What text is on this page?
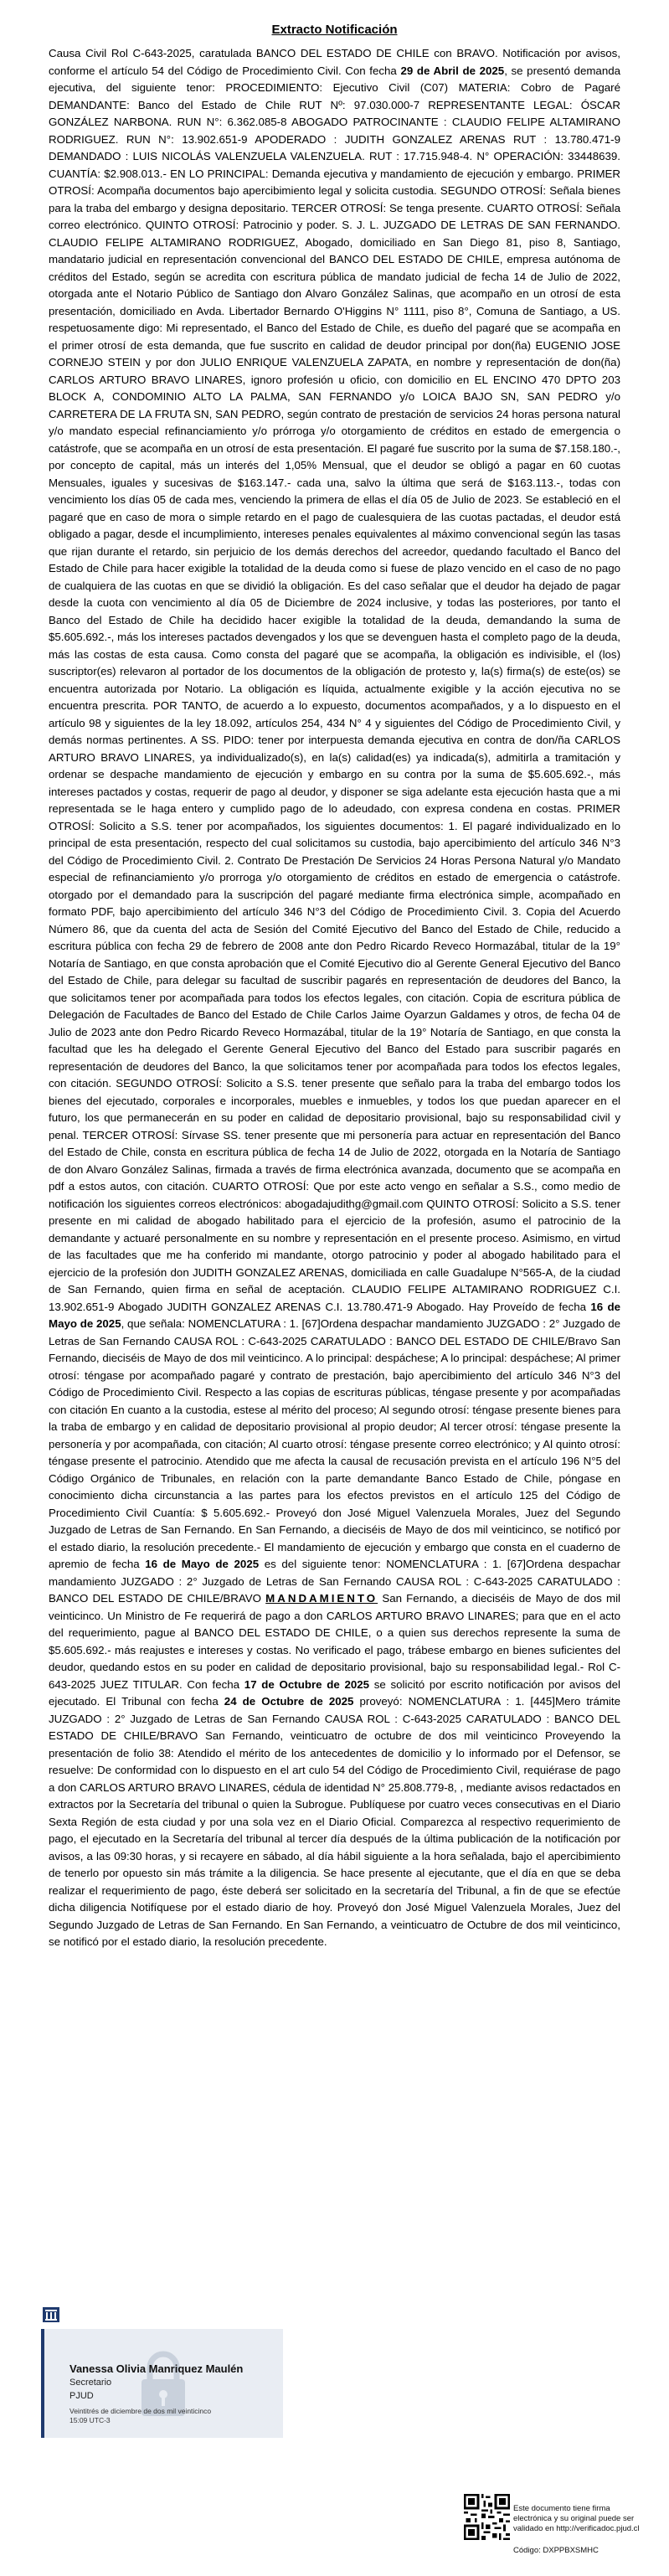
Extracto Notificación
Causa Civil Rol C-643-2025, caratulada BANCO DEL ESTADO DE CHILE con BRAVO. Notificación por avisos, conforme el artículo 54 del Código de Procedimiento Civil. Con fecha 29 de Abril de 2025, se presentó demanda ejecutiva, del siguiente tenor: PROCEDIMIENTO: Ejecutivo Civil (C07) MATERIA: Cobro de Pagaré DEMANDANTE: Banco del Estado de Chile RUT Nº: 97.030.000-7 REPRESENTANTE LEGAL: ÓSCAR GONZÁLEZ NARBONA. RUN N°: 6.362.085-8 ABOGADO PATROCINANTE : CLAUDIO FELIPE ALTAMIRANO RODRIGUEZ. RUN N°: 13.902.651-9 APODERADO : JUDITH GONZALEZ ARENAS RUT : 13.780.471-9 DEMANDADO : LUIS NICOLÁS VALENZUELA VALENZUELA. RUT : 17.715.948-4. N° OPERACIÓN: 33448639. CUANTÍA: $2.908.013.- EN LO PRINCIPAL: Demanda ejecutiva y mandamiento de ejecución y embargo. PRIMER OTROSÍ: Acompaña documentos bajo apercibimiento legal y solicita custodia. SEGUNDO OTROSÍ: Señala bienes para la traba del embargo y designa depositario. TERCER OTROSÍ: Se tenga presente. CUARTO OTROSÍ: Señala correo electrónico. QUINTO OTROSÍ: Patrocinio y poder. S. J. L. JUZGADO DE LETRAS DE SAN FERNANDO. CLAUDIO FELIPE ALTAMIRANO RODRIGUEZ, Abogado, domiciliado en San Diego 81, piso 8, Santiago, mandatario judicial en representación convencional del BANCO DEL ESTADO DE CHILE, empresa autónoma de créditos del Estado, según se acredita con escritura pública de mandato judicial de fecha 14 de Julio de 2022, otorgada ante el Notario Público de Santiago don Alvaro González Salinas, que acompaño en un otrosí de esta presentación, domiciliado en Avda. Libertador Bernardo O'Higgins N° 1111, piso 8°, Comuna de Santiago, a US. respetuosamente digo: Mi representado, el Banco del Estado de Chile, es dueño del pagaré que se acompaña en el primer otrosí de esta demanda, que fue suscrito en calidad de deudor principal por don(ña) EUGENIO JOSE CORNEJO STEIN y por don JULIO ENRIQUE VALENZUELA ZAPATA, en nombre y representación de don(ña) CARLOS ARTURO BRAVO LINARES, ignoro profesión u oficio, con domicilio en EL ENCINO 470 DPTO 203 BLOCK A, CONDOMINIO ALTO LA PALMA, SAN FERNANDO y/o LOICA BAJO SN, SAN PEDRO y/o CARRETERA DE LA FRUTA SN, SAN PEDRO, según contrato de prestación de servicios 24 horas persona natural y/o mandato especial refinanciamiento y/o prórroga y/o otorgamiento de créditos en estado de emergencia o catástrofe, que se acompaña en un otrosí de esta presentación. El pagaré fue suscrito por la suma de $7.158.180.-, por concepto de capital, más un interés del 1,05% Mensual, que el deudor se obligó a pagar en 60 cuotas Mensuales, iguales y sucesivas de $163.147.- cada una, salvo la última que será de $163.113.-, todas con vencimiento los días 05 de cada mes, venciendo la primera de ellas el día 05 de Julio de 2023. Se estableció en el pagaré que en caso de mora o simple retardo en el pago de cualesquiera de las cuotas pactadas, el deudor está obligado a pagar, desde el incumplimiento, intereses penales equivalentes al máximo convencional según las tasas que rijan durante el retardo, sin perjuicio de los demás derechos del acreedor, quedando facultado el Banco del Estado de Chile para hacer exigible la totalidad de la deuda como si fuese de plazo vencido en el caso de no pago de cualquiera de las cuotas en que se dividió la obligación. Es del caso señalar que el deudor ha dejado de pagar desde la cuota con vencimiento al día 05 de Diciembre de 2024 inclusive, y todas las posteriores, por tanto el Banco del Estado de Chile ha decidido hacer exigible la totalidad de la deuda, demandando la suma de $5.605.692.-, más los intereses pactados devengados y los que se devenguen hasta el completo pago de la deuda, más las costas de esta causa. Como consta del pagaré que se acompaña, la obligación es indivisible, el (los) suscriptor(es) relevaron al portador de los documentos de la obligación de protesto y, la(s) firma(s) de este(os) se encuentra autorizada por Notario. La obligación es líquida, actualmente exigible y la acción ejecutiva no se encuentra prescrita. POR TANTO, de acuerdo a lo expuesto, documentos acompañados, y a lo dispuesto en el artículo 98 y siguientes de la ley 18.092, artículos 254, 434 N° 4 y siguientes del Código de Procedimiento Civil, y demás normas pertinentes. A SS. PIDO: tener por interpuesta demanda ejecutiva en contra de don/ña CARLOS ARTURO BRAVO LINARES, ya individualizado(s), en la(s) calidad(es) ya indicada(s), admitirla a tramitación y ordenar se despache mandamiento de ejecución y embargo en su contra por la suma de $5.605.692.-, más intereses pactados y costas, requerir de pago al deudor, y disponer se siga adelante esta ejecución hasta que a mi representada se le haga entero y cumplido pago de lo adeudado, con expresa condena en costas. PRIMER OTROSÍ: Solicito a S.S. tener por acompañados, los siguientes documentos: 1. El pagaré individualizado en lo principal de esta presentación, respecto del cual solicitamos su custodia, bajo apercibimiento del artículo 346 N°3 del Código de Procedimiento Civil. 2. Contrato De Prestación De Servicios 24 Horas Persona Natural y/o Mandato especial de refinanciamiento y/o prorroga y/o otorgamiento de créditos en estado de emergencia o catástrofe. otorgado por el demandado para la suscripción del pagaré mediante firma electrónica simple, acompañado en formato PDF, bajo apercibimiento del artículo 346 N°3 del Código de Procedimiento Civil. 3. Copia del Acuerdo Número 86, que da cuenta del acta de Sesión del Comité Ejecutivo del Banco del Estado de Chile, reducido a escritura pública con fecha 29 de febrero de 2008 ante don Pedro Ricardo Reveco Hormazábal, titular de la 19° Notaría de Santiago, en que consta aprobación que el Comité Ejecutivo dio al Gerente General Ejecutivo del Banco del Estado de Chile, para delegar su facultad de suscribir pagarés en representación de deudores del Banco, la que solicitamos tener por acompañada para todos los efectos legales, con citación. Copia de escritura pública de Delegación de Facultades de Banco del Estado de Chile Carlos Jaime Oyarzun Galdames y otros, de fecha 04 de Julio de 2023 ante don Pedro Ricardo Reveco Hormazábal, titular de la 19° Notaría de Santiago, en que consta la facultad que les ha delegado el Gerente General Ejecutivo del Banco del Estado para suscribir pagarés en representación de deudores del Banco, la que solicitamos tener por acompañada para todos los efectos legales, con citación. SEGUNDO OTROSÍ: Solicito a S.S. tener presente que señalo para la traba del embargo todos los bienes del ejecutado, corporales e incorporales, muebles e inmuebles, y todos los que puedan aparecer en el futuro, los que permanecerán en su poder en calidad de depositario provisional, bajo su responsabilidad civil y penal. TERCER OTROSÍ: Sírvase SS. tener presente que mi personería para actuar en representación del Banco del Estado de Chile, consta en escritura pública de fecha 14 de Julio de 2022, otorgada en la Notaría de Santiago de don Alvaro González Salinas, firmada a través de firma electrónica avanzada, documento que se acompaña en pdf a estos autos, con citación. CUARTO OTROSÍ: Que por este acto vengo en señalar a S.S., como medio de notificación los siguientes correos electrónicos: abogadajudithg@gmail.com QUINTO OTROSÍ: Solicito a S.S. tener presente en mi calidad de abogado habilitado para el ejercicio de la profesión, asumo el patrocinio de la demandante y actuaré personalmente en su nombre y representación en el presente proceso. Asimismo, en virtud de las facultades que me ha conferido mi mandante, otorgo patrocinio y poder al abogado habilitado para el ejercicio de la profesión don JUDITH GONZALEZ ARENAS, domiciliada en calle Guadalupe N°565-A, de la ciudad de San Fernando, quien firma en señal de aceptación. CLAUDIO FELIPE ALTAMIRANO RODRIGUEZ C.I. 13.902.651-9 Abogado JUDITH GONZALEZ ARENAS C.I. 13.780.471-9 Abogado. Hay Proveído de fecha 16 de Mayo de 2025, que señala: NOMENCLATURA : 1. [67]Ordena despachar mandamiento JUZGADO : 2° Juzgado de Letras de San Fernando CAUSA ROL : C-643-2025 CARATULADO : BANCO DEL ESTADO DE CHILE/Bravo San Fernando, dieciséis de Mayo de dos mil veinticinco. A lo principal: despáchese; A lo principal: despáchese; Al primer otrosí: téngase por acompañado pagaré y contrato de prestación, bajo apercibimiento del artículo 346 N°3 del Código de Procedimiento Civil. Respecto a las copias de escrituras públicas, téngase presente y por acompañadas con citación En cuanto a la custodia, estese al mérito del proceso; Al segundo otrosí: téngase presente bienes para la traba de embargo y en calidad de depositario provisional al propio deudor; Al tercer otrosí: téngase presente la personería y por acompañada, con citación; Al cuarto otrosí: téngase presente correo electrónico; y Al quinto otrosí: téngase presente el patrocinio. Atendido que me afecta la causal de recusación prevista en el artículo 196 N°5 del Código Orgánico de Tribunales, en relación con la parte demandante Banco Estado de Chile, póngase en conocimiento dicha circunstancia a las partes para los efectos previstos en el artículo 125 del Código de Procedimiento Civil Cuantía: $ 5.605.692.- Proveyó don José Miguel Valenzuela Morales, Juez del Segundo Juzgado de Letras de San Fernando. En San Fernando, a dieciséis de Mayo de dos mil veinticinco, se notificó por el estado diario, la resolución precedente.- El mandamiento de ejecución y embargo que consta en el cuaderno de apremio de fecha 16 de Mayo de 2025 es del siguiente tenor: NOMENCLATURA : 1. [67]Ordena despachar mandamiento JUZGADO : 2° Juzgado de Letras de San Fernando CAUSA ROL : C-643-2025 CARATULADO : BANCO DEL ESTADO DE CHILE/BRAVO MANDAMIENTO San Fernando, a dieciséis de Mayo de dos mil veinticinco. Un Ministro de Fe requerirá de pago a don CARLOS ARTURO BRAVO LINARES; para que en el acto del requerimiento, pague al BANCO DEL ESTADO DE CHILE, o a quien sus derechos represente la suma de $5.605.692.- más reajustes e intereses y costas. No verificado el pago, trábese embargo en bienes suficientes del deudor, quedando estos en su poder en calidad de depositario provisional, bajo su responsabilidad legal.- Rol C-643-2025 JUEZ TITULAR. Con fecha 17 de Octubre de 2025 se solicitó por escrito notificación por avisos del ejecutado. El Tribunal con fecha 24 de Octubre de 2025 proveyó: NOMENCLATURA : 1. [445]Mero trámite JUZGADO : 2° Juzgado de Letras de San Fernando CAUSA ROL : C-643-2025 CARATULADO : BANCO DEL ESTADO DE CHILE/BRAVO San Fernando, veinticuatro de octubre de dos mil veinticinco Proveyendo la presentación de folio 38: Atendido el mérito de los antecedentes de domicilio y lo informado por el Defensor, se resuelve: De conformidad con lo dispuesto en el art culo 54 del Código de Procedimiento Civil, requiérase de pago a don CARLOS ARTURO BRAVO LINARES, cédula de identidad N° 25.808.779-8, , mediante avisos redactados en extractos por la Secretaría del tribunal o quien la Subrogue. Publíquese por cuatro veces consecutivas en el Diario Sexta Región de esta ciudad y por una sola vez en el Diario Oficial. Comparezca al respectivo requerimiento de pago, el ejecutado en la Secretaría del tribunal al tercer día después de la última publicación de la notificación por avisos, a las 09:30 horas, y si recayere en sábado, al día hábil siguiente a la hora señalada, bajo el apercibimiento de tenerlo por opuesto sin más trámite a la diligencia. Se hace presente al ejecutante, que el día en que se deba realizar el requerimiento de pago, éste deberá ser solicitado en la secretaría del Tribunal, a fin de que se efectúe dicha diligencia Notifíquese por el estado diario de hoy. Proveyó don José Miguel Valenzuela Morales, Juez del Segundo Juzgado de Letras de San Fernando. En San Fernando, a veinticuatro de Octubre de dos mil veinticinco, se notificó por el estado diario, la resolución precedente.
Vanessa Olivia Manriquez Maulén
Secretario
PJUD
Veintitrés de diciembre de dos mil veinticinco
15:09 UTC-3
Este documento tiene firma electrónica y su original puede ser validado en http://verificadoc.pjud.cl
Código: DXPPBXSMHC
